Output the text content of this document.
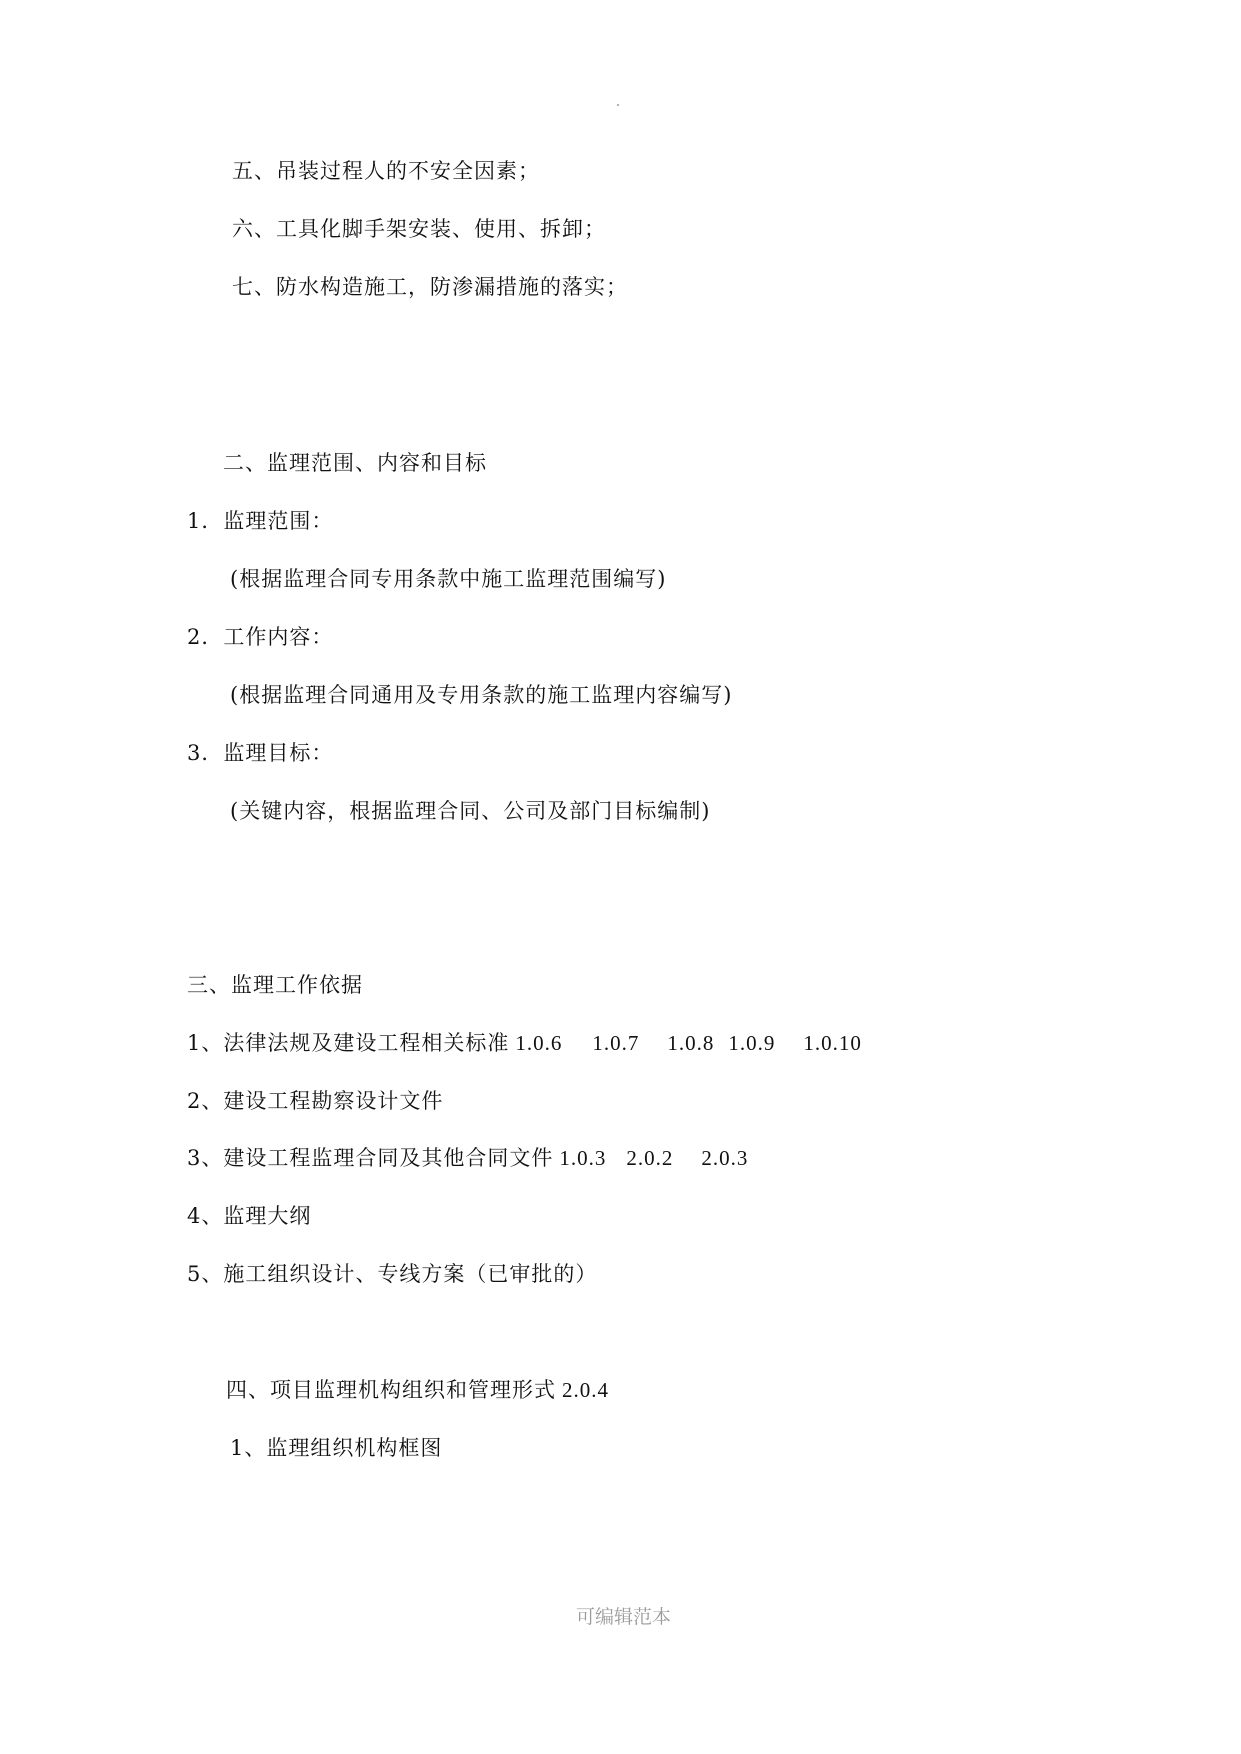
五、吊装过程人的不安全因素；
六、工具化脚手架安装、使用、拆卸；
七、防水构造施工，防渗漏措施的落实；
二、监理范围、内容和目标
1．监理范围：
(根据监理合同专用条款中施工监理范围编写)
2．工作内容：
(根据监理合同通用及专用条款的施工监理内容编写)
3．监理目标：
(关键内容，根据监理合同、公司及部门目标编制)
三、监理工作依据
1、法律法规及建设工程相关标准 1.0.6 1.0.7 1.0.8 1.0.9 1.0.10
2、建设工程勘察设计文件
3、建设工程监理合同及其他合同文件 1.0.3 2.0.2 2.0.3
4、监理大纲
5、施工组织设计、专线方案（已审批的）
四、项目监理机构组织和管理形式 2.0.4
1、监理组织机构框图
可编辑范本
